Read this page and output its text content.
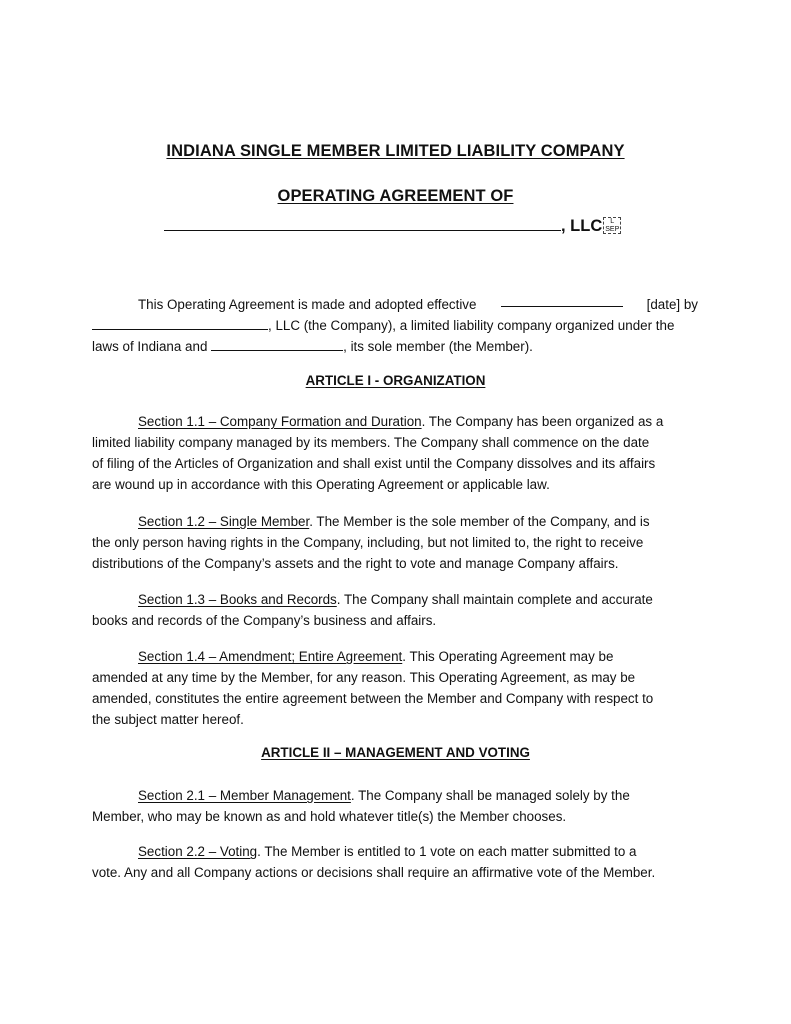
INDIANA SINGLE MEMBER LIMITED LIABILITY COMPANY
OPERATING AGREEMENT OF
, LLC L
SEP
This Operating Agreement is made and adopted effective	[date] by
, LLC (the Company), a limited liability company organized under the
laws of Indiana and	, its sole member (the Member).
ARTICLE I - ORGANIZATION
Section 1.1 – Company Formation and Duration. The Company has been organized as a
limited liability company managed by its members. The Company shall commence on the date
of filing of the Articles of Organization and shall exist until the Company dissolves and its affairs
are wound up in accordance with this Operating Agreement or applicable law.
Section 1.2 – Single Member. The Member is the sole member of the Company, and is
the only person having rights in the Company, including, but not limited to, the right to receive
distributions of the Company’s assets and the right to vote and manage Company affairs.
Section 1.3 – Books and Records. The Company shall maintain complete and accurate
books and records of the Company’s business and affairs.
Section 1.4 – Amendment; Entire Agreement. This Operating Agreement may be
amended at any time by the Member, for any reason. This Operating Agreement, as may be
amended, constitutes the entire agreement between the Member and Company with respect to
the subject matter hereof.
ARTICLE II – MANAGEMENT AND VOTING
Section 2.1 – Member Management. The Company shall be managed solely by the
Member, who may be known as and hold whatever title(s) the Member chooses.
Section 2.2 – Voting. The Member is entitled to 1 vote on each matter submitted to a
vote. Any and all Company actions or decisions shall require an affirmative vote of the Member.
